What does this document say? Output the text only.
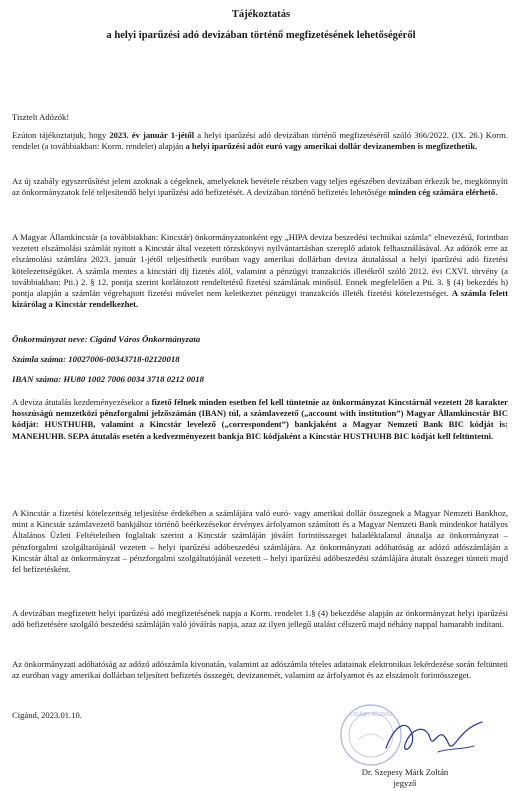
Tájékoztatás
a helyi iparűzési adó devizában történő megfizetésének lehetőségéről

Tisztelt Adózók!

Ezúton tájékoztatjuk, hogy 2023. év január 1-jétől a helyi iparűzési adó devizában történő megfizetéséről szóló 366/2022. (IX. 26.) Korm. rendelet (a továbbiakban: Korm. rendelet) alapján a helyi iparűzési adót euró vagy amerikai dollár devizanemben is megfizethetik.

Az új szabály egyszerűsítést jelent azoknak a cégeknek, amelyeknek bevétele részben vagy teljes egészében devizában érkezik be, megkönnyíti az önkormányzatok felé teljesítendő helyi iparűzési adó befizetését. A devizában történő befizetés lehetősége minden cég számára elérhető.

A Magyar Államkincstár (a továbbiakban: Kincstár) önkormányzatonként egy „HIPA deviza beszedési technikai számla” elnevezésű, forintban vezetett elszámolási számlát nyitott a Kincstár által vezetett törzskönyvi nyilvántartásban szereplő adatok felhasználásával. Az adózók erre az elszámolási számlára 2023. január 1-jétől teljesíthetik euróban vagy amerikai dollárban deviza átutalással a helyi iparűzési adó fizetési kötelezettségüket. A számla mentes a kincstári díj fizetés alól, valamint a pénzügyi tranzakciós illetékről szóló 2012. évi CXVI. törvény (a továbbiakban: Pti.) 2. § 12. pontja szerint korlátozott rendeltetésű fizetési számlának minősül. Ennek megfelelően a Pti. 3. § (4) bekezdés h) pontja alapján a számlán végrehajtott fizetési művelet nem keletkeztet pénzügyi tranzakciós illeték fizetési kötelezettséget. A számla felett kizárólag a Kincstár rendelkezhet.

Önkormányzat neve: Cigánd Város Önkormányzata
Számla száma: 10027006-00343718-02120018
IBAN száma: HU80 1002 7006 0034 3718 0212 0018

A deviza átutalás kezdeményezésekor a fizető félnek minden esetben fel kell tüntetnie az önkormányzat Kincstárnál vezetett 28 karakter hosszúságú nemzetközi pénzforgalmi jelzőszámán (IBAN) túl, a számlavezető („account with institution”) Magyar Államkincstár BIC kódját: HUSTHUHB, valamint a Kincstár levelező („correspondent”) bankjaként a Magyar Nemzeti Bank BIC kódját is: MANEHUHB. SEPA átutalás esetén a kedvezményezett bankja BIC kódjaként a Kincstár HUSTHUHB BIC kódját kell feltüntetni.

A Kincstár a fizetési kötelezettség teljesítése érdekében a számlájára való euró- vagy amerikai dollár összegnek a Magyar Nemzeti Bankhoz, mint a Kincstár számlavezető bankjához történő beérkezésekor érvényes árfolyamon számított és a Magyar Nemzeti Bank mindenkor hatályos Általános Üzleti Feltételeiben foglaltak szerint a Kincstár számláján jóváírt forintösszeget haladéktalanul átutalja az önkormányzat – pénzforgalmi szolgáltatójánál vezetett – helyi iparűzési adóbeszedési számlájára. Az önkormányzati adóhatóság az adózó adószámláján a Kincstár által az önkormányzat – pénzforgalmi szolgáltatójánál vezetett – helyi iparűzési adóbeszedési számlájára átutalt összeget tünteti majd fel befizetésként.

A devizában megfizetett helyi iparűzési adó megfizetésének napja a Korm. rendelet 1.§ (4) bekezdése alapján az önkormányzat helyi iparűzési adó befizetésére szolgáló beszedési számláján való jóváírás napja, azaz az ilyen jellegű utalást célszerű majd néhány nappal hamarabb indítani.

Az önkormányzati adóhatóság az adózó adószámla kivonatán, valamint az adószámla tételes adatainak elektronikus lekérdezése során feltünteti az euróban vagy amerikai dollárban teljesített befizetés összegét, devizanemét, valamint az árfolyamot és az elszámolt forintösszeget.

Cigánd, 2023.01.10.	CIGÁND KÖZSÉG
Dr. Szepesy Márk Zoltán
jegyző
